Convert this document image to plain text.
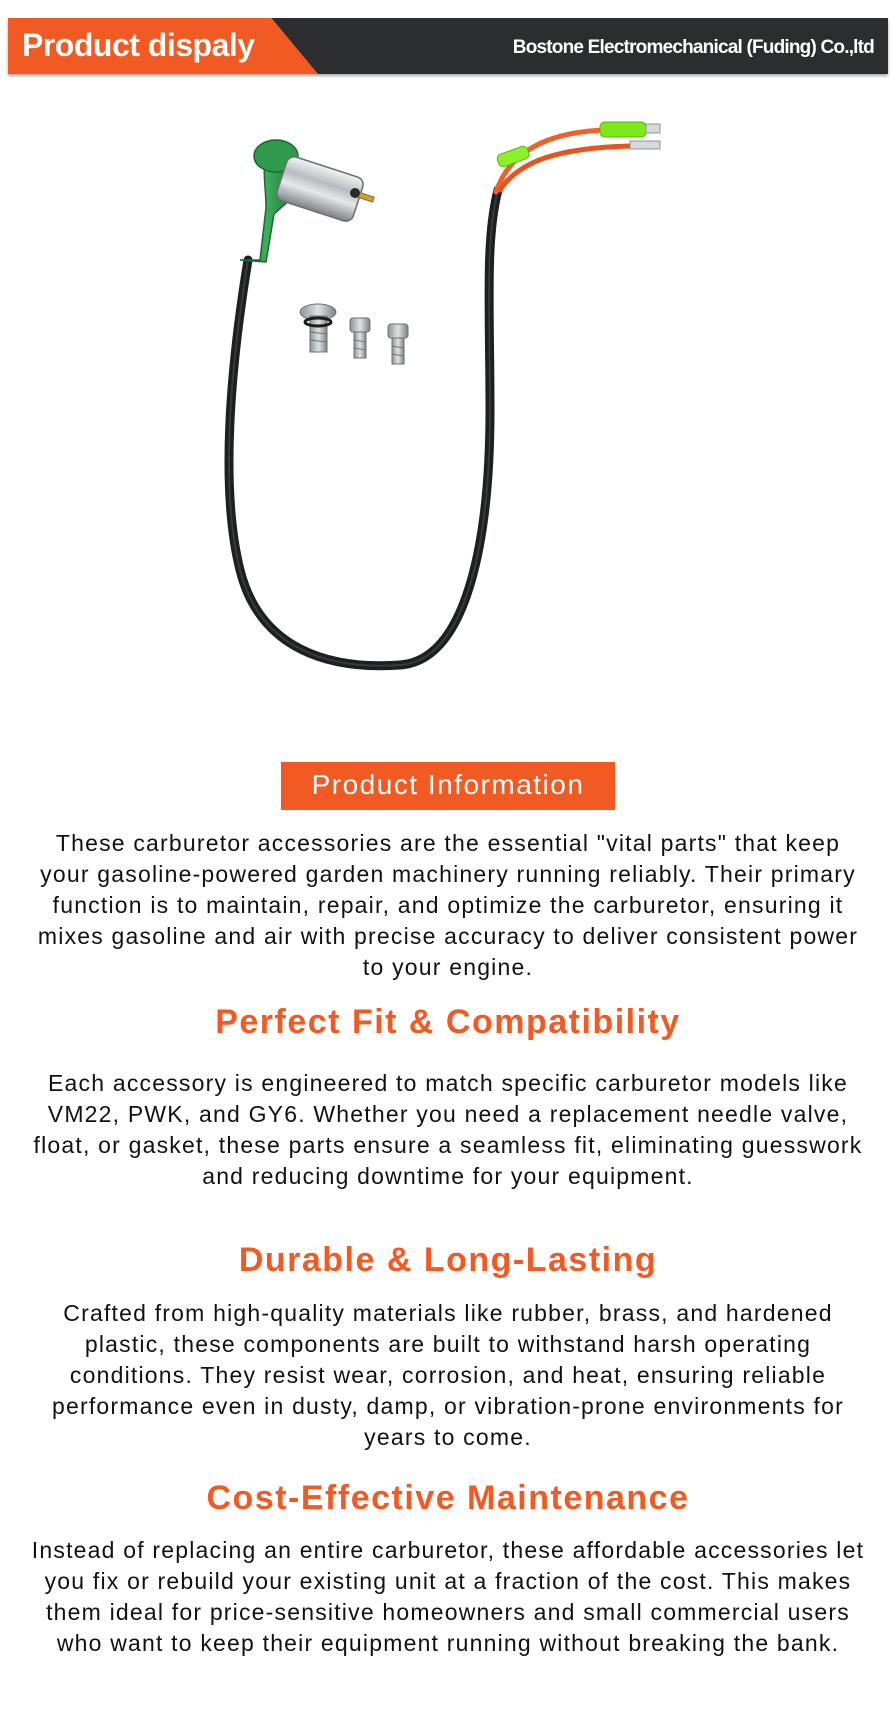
Product dispaly	Bostone Electromechanical (Fuding) Co.,ltd
Product Information
These carburetor accessories are the essential "vital parts" that keep your gasoline-powered garden machinery running reliably. Their primary function is to maintain, repair, and optimize the carburetor, ensuring it mixes gasoline and air with precise accuracy to deliver consistent power to your engine.
Perfect Fit & Compatibility
Each accessory is engineered to match specific carburetor models like VM22, PWK, and GY6. Whether you need a replacement needle valve, float, or gasket, these parts ensure a seamless fit, eliminating guesswork and reducing downtime for your equipment.
Durable & Long-Lasting
Crafted from high-quality materials like rubber, brass, and hardened plastic, these components are built to withstand harsh operating conditions. They resist wear, corrosion, and heat, ensuring reliable performance even in dusty, damp, or vibration-prone environments for years to come.
Cost-Effective Maintenance
Instead of replacing an entire carburetor, these affordable accessories let you fix or rebuild your existing unit at a fraction of the cost. This makes them ideal for price-sensitive homeowners and small commercial users who want to keep their equipment running without breaking the bank.
